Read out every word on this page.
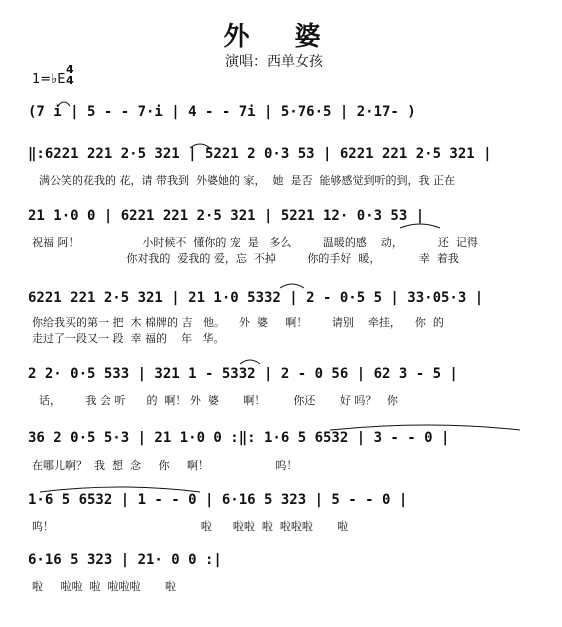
外 婆
演唱：西单女孩
1=♭E
4
4
(7 i | 5 - - 7·i | 4 - - 7i | 5·76·5 | 2·17- )
‖:6221 221 2·5 321 | 5221 2 0·3 53 | 6221 221 2·5 321 |
满公笑的花我的 花，请 带我到  外婆她的 家，  她  是否  能够感觉到听的到，我 正在
21 1·0 0 | 6221 221 2·5 321 | 5221 12· 0·3 53 |
祝福 阿！                  小时候不  懂你的 宠  是   多么         温暖的感    动，          还  记得
你对我的  爱我的 爱，忘  不掉         你的手好  暖，           幸  着我
6221 221 2·5 321 | 21 1·0 5332 | 2 - 0·5 5 | 33·05·3 |
你给我买的第一 把  木 棉牌的 吉   他。    外  婆     啊！       请别    牵挂，    你  的
走过了一段又一 段  幸 福的    年   华。
2 2· 0·5 533 | 321 1 - 5332 | 2 - 0 56 | 62 3 - 5 |
话，       我 会 听      的  啊！ 外  婆       啊！        你还       好 吗？   你
36 2 0·5 5·3 | 21 1·0 0 :‖: 1·6 5 6532 | 3 - - 0 |
在哪儿啊？  我  想  念     你     啊！                   呜！
1·6 5 6532 | 1 - - 0 | 6·16 5 323 | 5 - - 0 |
呜！                                          啦      啦啦  啦  啦啦啦       啦
6·16 5 323 | 21· 0 0 :|
啦     啦啦  啦  啦啦啦       啦
